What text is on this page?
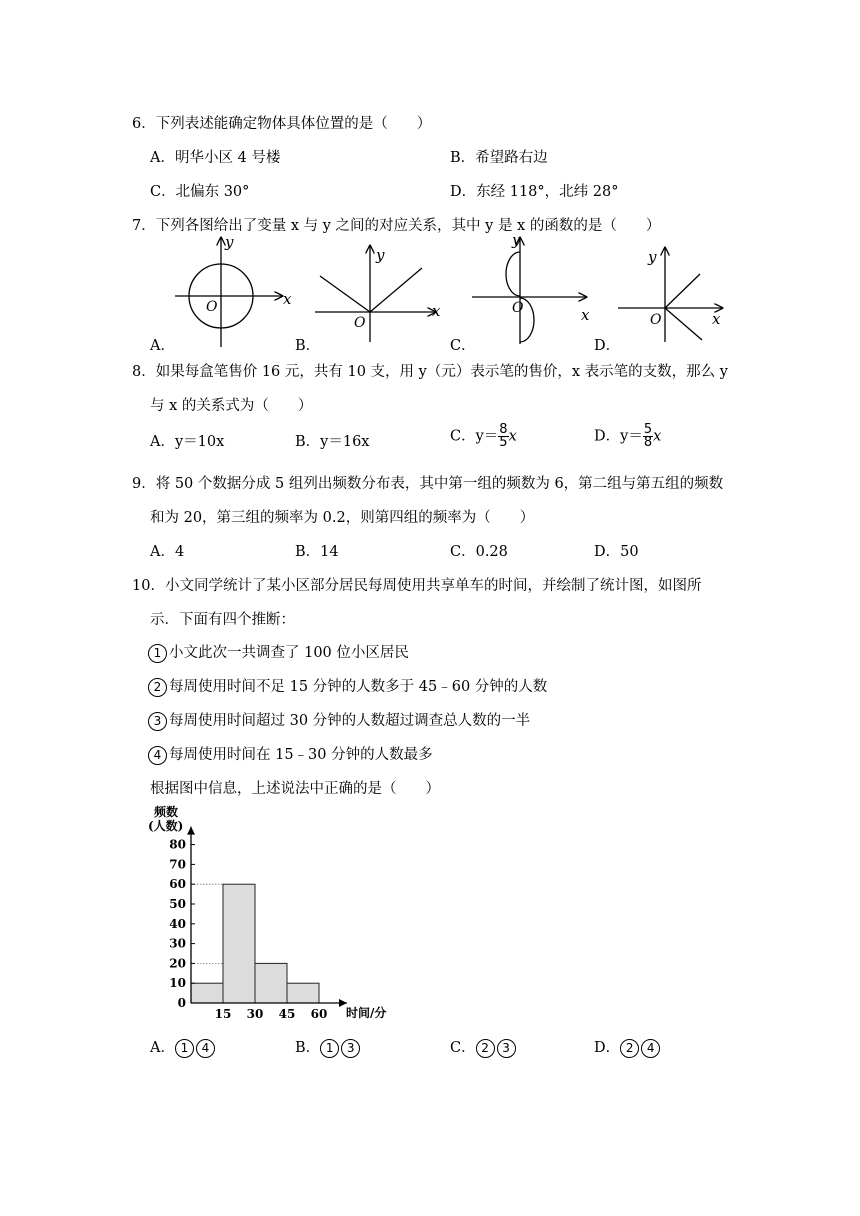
6．下列表述能确定物体具体位置的是（　　）
A．明华小区 4 号楼	B．希望路右边
C．北偏东 30°	D．东经 118°，北纬 28°
7．下列各图给出了变量 x 与 y 之间的对应关系，其中 y 是 x 的函数的是（　　）
x
y
O	x
y
O	x
y
O
x
y
O
A．	B．	C．	D．
8．如果每盒笔售价 16 元，共有 10 支，用 y（元）表示笔的售价，x 表示笔的支数，那么 y
与 x 的关系式为（　　）
A．y＝10x	B．y＝16x	C．$y= \frac{8}{5}$ x	D．$y= \frac{5}{8}$ x
9．将 50 个数据分成 5 组列出频数分布表，其中第一组的频数为 6，第二组与第五组的频数
和为 20，第三组的频率为 0.2，则第四组的频率为（　　）
A．4	B．14	C．0.28	D．50
10．小文同学统计了某小区部分居民每周使用共享单车的时间，并绘制了统计图，如图所
示．下面有四个推断：
1 小文此次一共调查了 100 位小区居民
2 每周使用时间不足 15 分钟的人数多于 45﹣60 分钟的人数
3 每周使用时间超过 30 分钟的人数超过调查总人数的一半
4 每周使用时间在 15﹣30 分钟的人数最多
根据图中信息，上述说法中正确的是（　　）
频数
(人数)
时间/分
0
10
20
30
40
50
60
70
80
15 30 45 60
A． 1 4	B． 1 3	C． 2 3	D． 2 4
